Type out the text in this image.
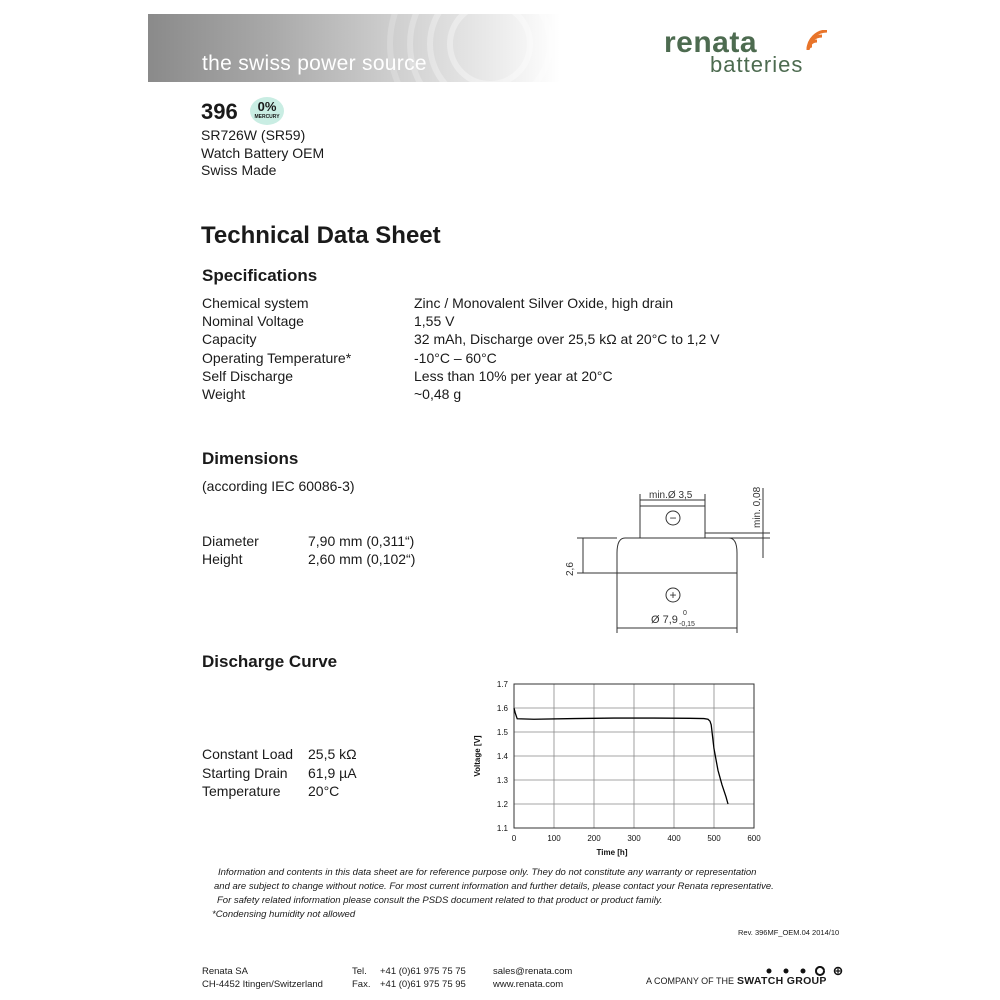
the swiss power source
renata
batteries
396	0%
MERCURY
SR726W (SR59)
Watch Battery OEM
Swiss Made
Technical Data Sheet
Specifications
Chemical system	Zinc / Monovalent Silver Oxide, high drain
Nominal Voltage	1,55 V
Capacity	32 mAh, Discharge over 25,5 kΩ at 20°C to 1,2 V
Operating Temperature*	-10°C – 60°C
Self Discharge	Less than 10% per year at 20°C
Weight	~0,48 g
Dimensions
(according IEC 60086-3)
Diameter	7,90 mm (0,311“)
Height	2,60 mm (0,102“)
−
+
min.Ø 3,5	min. 0,08
2,6
Ø 7,9
0
-0,15
Discharge Curve
Constant Load 25,5 kΩ
Starting Drain 61,9 µA
Temperature 20°C
0	100	200	300	400	500	600
1.1
1.2
1.3
1.4
1.5
1.6
1.7
Time [h]
Voltage [V]
Information and contents in this data sheet are for reference purpose only. They do not constitute any warranty or representation
and are subject to change without notice. For most current information and further details, please contact your Renata representative.
For safety related information please consult the PSDS document related to that product or product family.
*Condensing humidity not allowed
Rev. 396MF_OEM.04 2014/10
Renata SA
CH-4452 Itingen/Switzerland
Tel. +41 (0)61 975 75 75
Fax. +41 (0)61 975 75 95
sales@renata.com
www.renata.com	A COMPANY OF THE SWATCH GROUP
